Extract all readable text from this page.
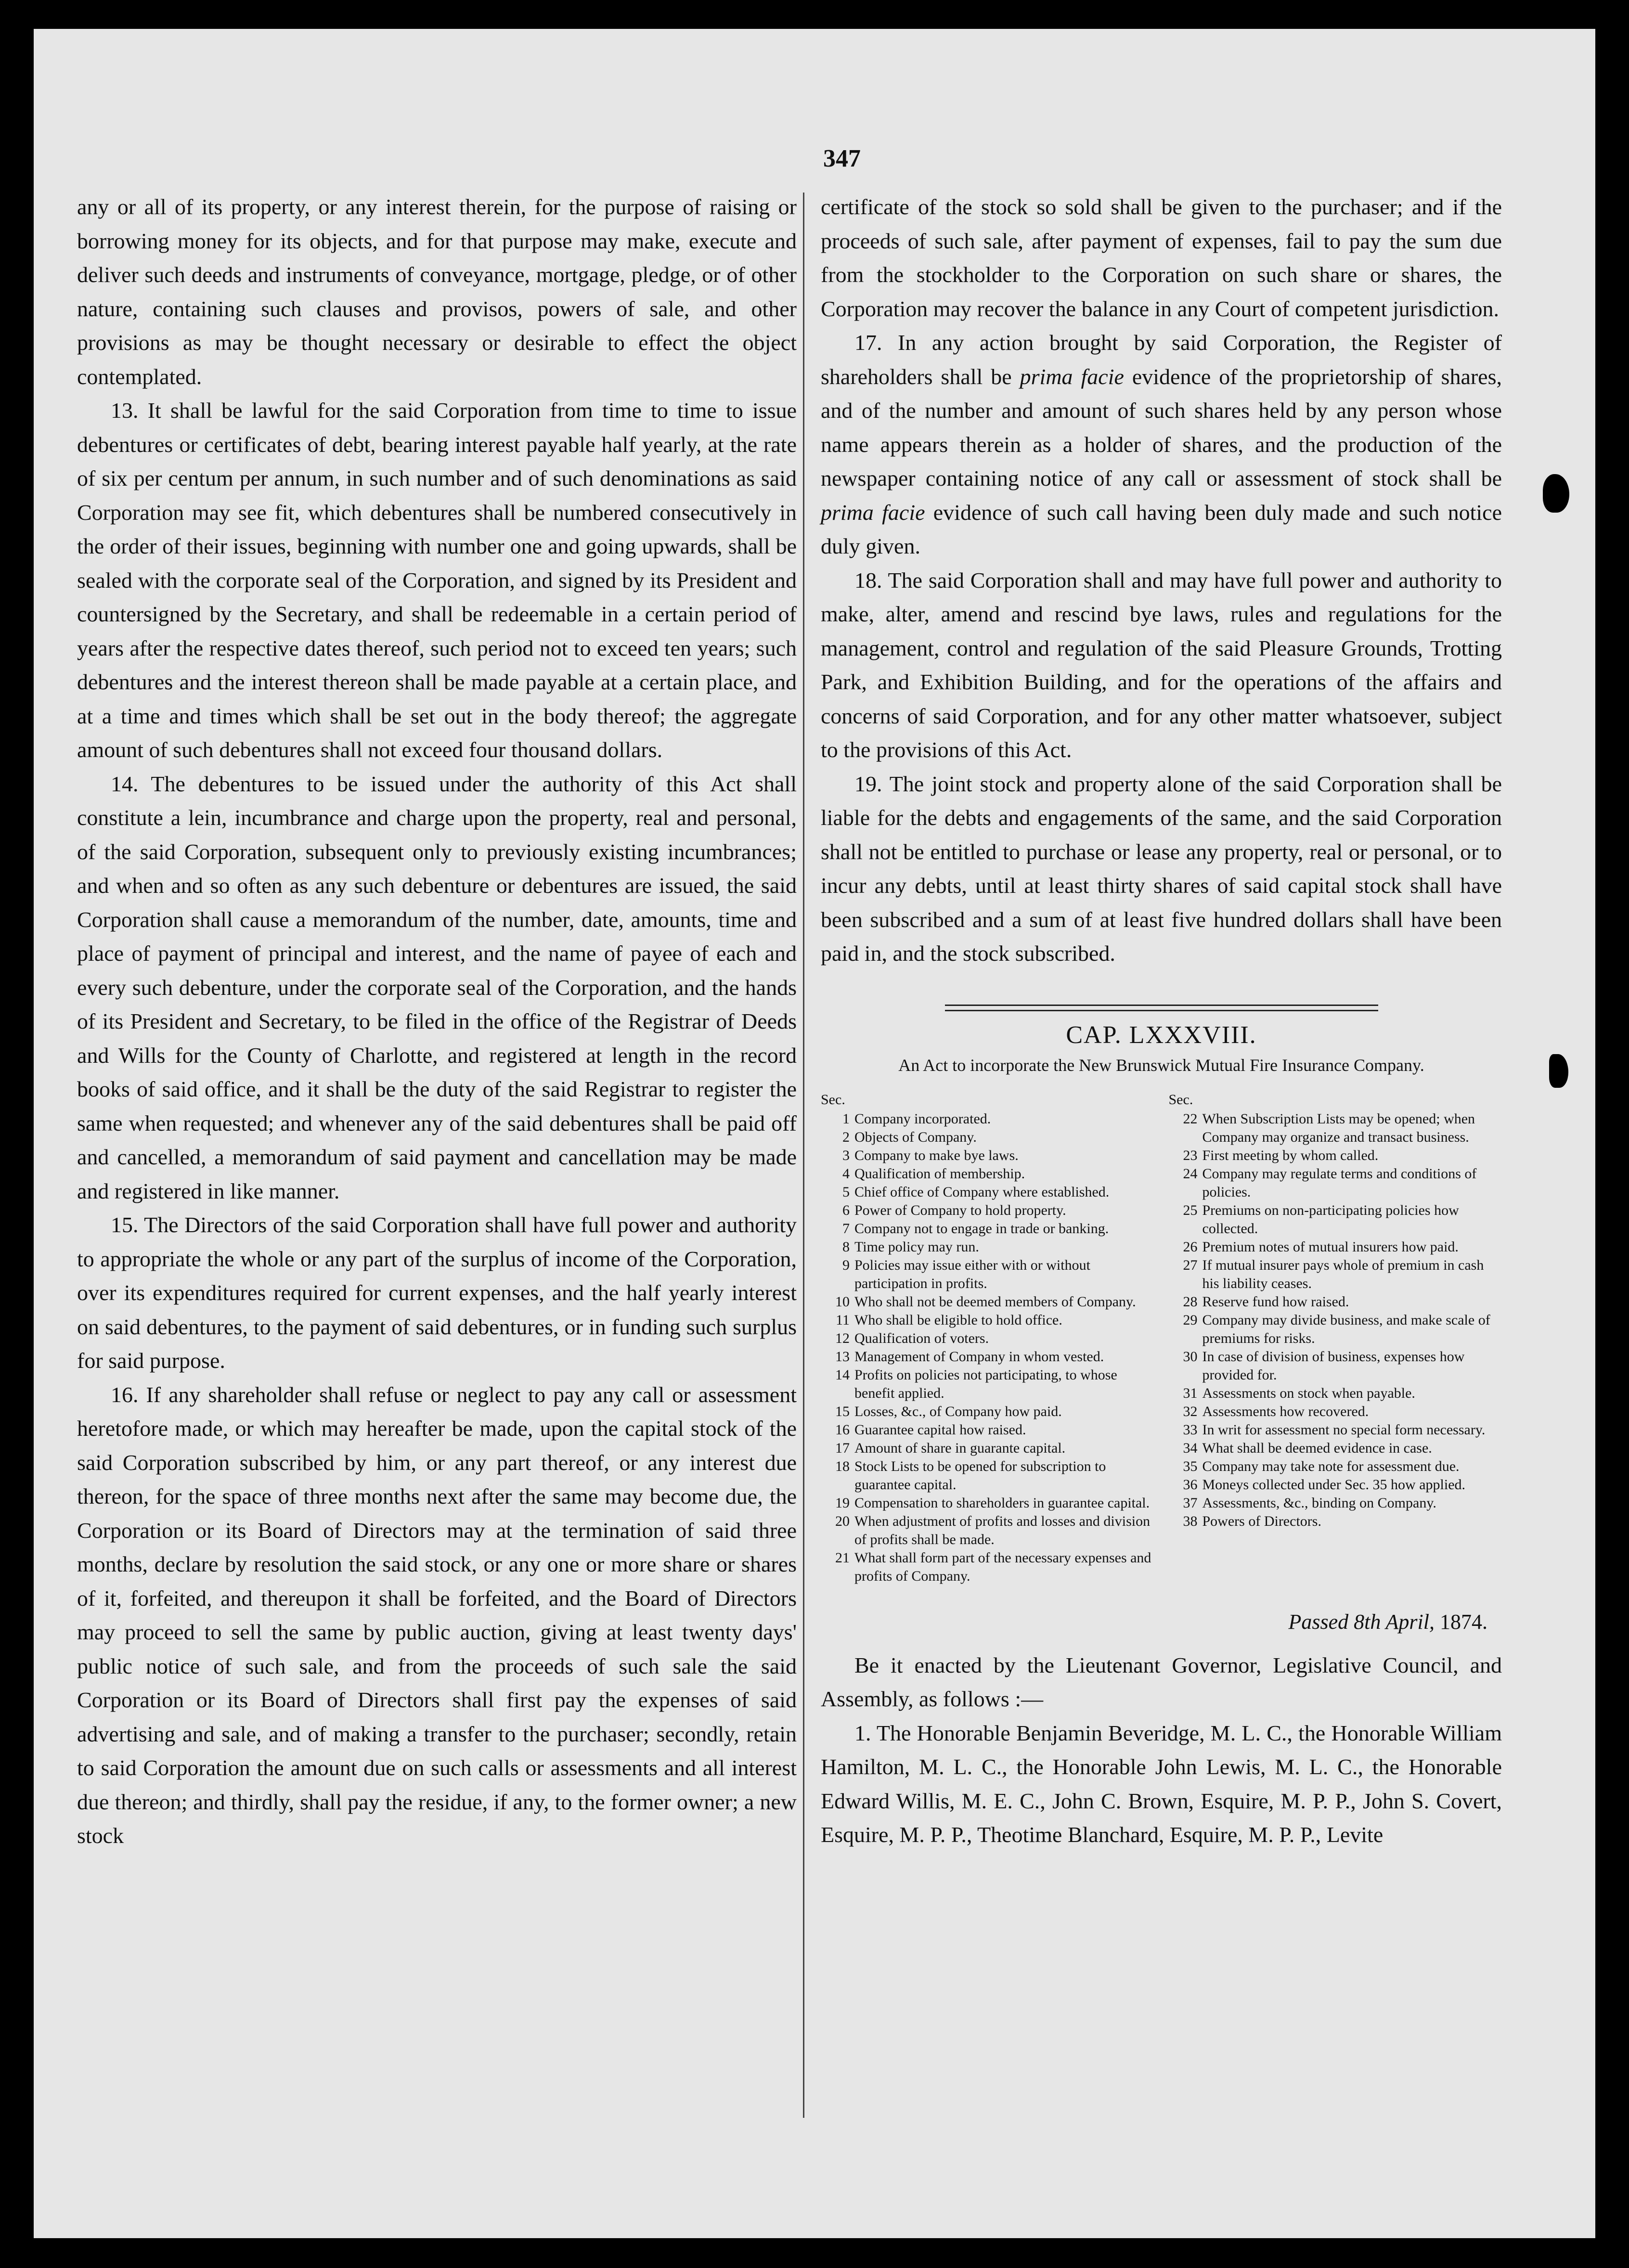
347

any or all of its property, or any interest therein, for the purpose of raising or borrowing money for its objects, and for that purpose may make, execute and deliver such deeds and instruments of conveyance, mortgage, pledge, or of other nature, containing such clauses and provisos, powers of sale, and other provisions as may be thought necessary or desirable to effect the object contemplated.

13. It shall be lawful for the said Corporation from time to time to issue debentures or certificates of debt, bearing interest payable half yearly, at the rate of six per centum per annum, in such number and of such denominations as said Corporation may see fit, which debentures shall be numbered consecutively in the order of their issues, beginning with number one and going upwards, shall be sealed with the corporate seal of the Corporation, and signed by its President and countersigned by the Secretary, and shall be redeemable in a certain period of years after the respective dates thereof, such period not to exceed ten years; such debentures and the interest thereon shall be made payable at a certain place, and at a time and times which shall be set out in the body thereof; the aggregate amount of such debentures shall not exceed four thousand dollars.

14. The debentures to be issued under the authority of this Act shall constitute a lein, incumbrance and charge upon the property, real and personal, of the said Corporation, subsequent only to previously existing incumbrances; and when and so often as any such debenture or debentures are issued, the said Corporation shall cause a memorandum of the number, date, amounts, time and place of payment of principal and interest, and the name of payee of each and every such debenture, under the corporate seal of the Corporation, and the hands of its President and Secretary, to be filed in the office of the Registrar of Deeds and Wills for the County of Charlotte, and registered at length in the record books of said office, and it shall be the duty of the said Registrar to register the same when requested; and whenever any of the said debentures shall be paid off and cancelled, a memorandum of said payment and cancellation may be made and registered in like manner.

15. The Directors of the said Corporation shall have full power and authority to appropriate the whole or any part of the surplus of income of the Corporation, over its expenditures required for current expenses, and the half yearly interest on said debentures, to the payment of said debentures, or in funding such surplus for said purpose.

16. If any shareholder shall refuse or neglect to pay any call or assessment heretofore made, or which may hereafter be made, upon the capital stock of the said Corporation subscribed by him, or any part thereof, or any interest due thereon, for the space of three months next after the same may become due, the Corporation or its Board of Directors may at the termination of said three months, declare by resolution the said stock, or any one or more share or shares of it, forfeited, and thereupon it shall be forfeited, and the Board of Directors may proceed to sell the same by public auction, giving at least twenty days' public notice of such sale, and from the proceeds of such sale the said Corporation or its Board of Directors shall first pay the expenses of said advertising and sale, and of making a transfer to the purchaser; secondly, retain to said Corporation the amount due on such calls or assessments and all interest due thereon; and thirdly, shall pay the residue, if any, to the former owner; a new stock

certificate of the stock so sold shall be given to the purchaser; and if the proceeds of such sale, after payment of expenses, fail to pay the sum due from the stockholder to the Corporation on such share or shares, the Corporation may recover the balance in any Court of competent jurisdiction.

17. In any action brought by said Corporation, the Register of shareholders shall be prima facie evidence of the proprietorship of shares, and of the number and amount of such shares held by any person whose name appears therein as a holder of shares, and the production of the newspaper containing notice of any call or assessment of stock shall be prima facie evidence of such call having been duly made and such notice duly given.

18. The said Corporation shall and may have full power and authority to make, alter, amend and rescind bye laws, rules and regulations for the management, control and regulation of the said Pleasure Grounds, Trotting Park, and Exhibition Building, and for the operations of the affairs and concerns of said Corporation, and for any other matter whatsoever, subject to the provisions of this Act.

19. The joint stock and property alone of the said Corporation shall be liable for the debts and engagements of the same, and the said Corporation shall not be entitled to purchase or lease any property, real or personal, or to incur any debts, until at least thirty shares of said capital stock shall have been subscribed and a sum of at least five hundred dollars shall have been paid in, and the stock subscribed.

CAP. LXXXVIII.
An Act to incorporate the New Brunswick Mutual Fire Insurance Company.
Sec.
1 Company incorporated.
2 Objects of Company.
3 Company to make bye laws.
4 Qualification of membership.
5 Chief office of Company where established.
6 Power of Company to hold property.
7 Company not to engage in trade or banking.
8 Time policy may run.
9 Policies may issue either with or without participation in profits.
10 Who shall not be deemed members of Company.
11 Who shall be eligible to hold office.
12 Qualification of voters.
13 Management of Company in whom vested.
14 Profits on policies not participating, to whose benefit applied.
15 Losses, &c., of Company how paid.
16 Guarantee capital how raised.
17 Amount of share in guarante capital.
18 Stock Lists to be opened for subscription to guarantee capital.
19 Compensation to shareholders in guarantee capital.
20 When adjustment of profits and losses and division of profits shall be made.
21 What shall form part of the necessary expenses and profits of Company.
Sec.
22 When Subscription Lists may be opened; when Company may organize and transact business.
23 First meeting by whom called.
24 Company may regulate terms and conditions of policies.
25 Premiums on non-participating policies how collected.
26 Premium notes of mutual insurers how paid.
27 If mutual insurer pays whole of premium in cash his liability ceases.
28 Reserve fund how raised.
29 Company may divide business, and make scale of premiums for risks.
30 In case of division of business, expenses how provided for.
31 Assessments on stock when payable.
32 Assessments how recovered.
33 In writ for assessment no special form necessary.
34 What shall be deemed evidence in case.
35 Company may take note for assessment due.
36 Moneys collected under Sec. 35 how applied.
37 Assessments, &c., binding on Company.
38 Powers of Directors.
Passed 8th April, 1874.

Be it enacted by the Lieutenant Governor, Legislative Council, and Assembly, as follows :—

1. The Honorable Benjamin Beveridge, M. L. C., the Honorable William Hamilton, M. L. C., the Honorable John Lewis, M. L. C., the Honorable Edward Willis, M. E. C., John C. Brown, Esquire, M. P. P., John S. Covert, Esquire, M. P. P., Theotime Blanchard, Esquire, M. P. P., Levite
